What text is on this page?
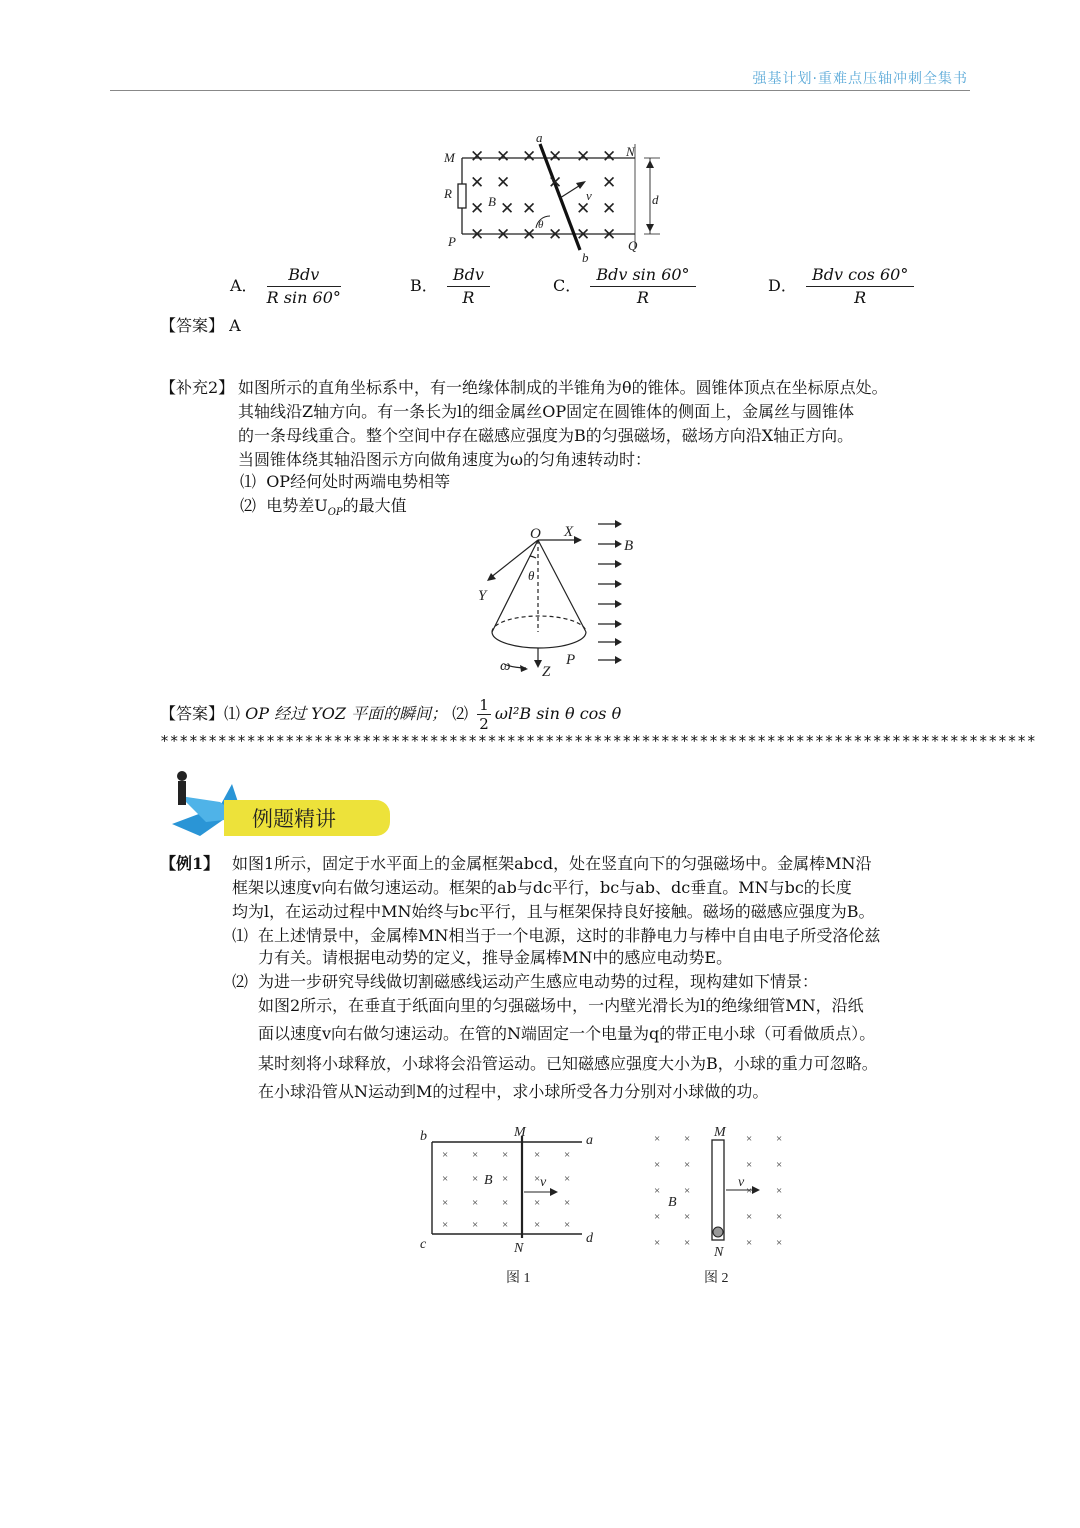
强基计划·重难点压轴冲刺全集书
✕ ✕ ✕ ✕ ✕ ✕
✕ ✕ ✕ ✕
✕ ✕ ✕ ✕ ✕
✕ ✕ ✕ ✕ ✕ ✕
a
M	N
R
B	v	d
P	Q
b
θ
A． $\frac{\text{Bdv}}{\text{R sin 60°}}$	B． $\frac{\text{Bdv}}{R}$	C． $\frac{\text{Bdv sin 60°}}{R}$	D． $\frac{\text{Bdv cos 60°}}{R}$
【答案】 A
【补充2】 如图所示的直角坐标系中，有一绝缘体制成的半锥角为θ的锥体。圆锥体顶点在坐标原点处。
其轴线沿Z轴方向。有一条长为l的细金属丝OP固定在圆锥体的侧面上，金属丝与圆锥体
的一条母线重合。整个空间中存在磁感应强度为B的匀强磁场，磁场方向沿X轴正方向。
当圆锥体绕其轴沿图示方向做角速度为ω的匀角速转动时：
⑴ OP经何处时两端电势相等
⑵ 电势差$U_{OP}$的最大值
O X
B
Y
θ
P
Z
ω
【答案】⑴ OP 经过 YOZ 平面的瞬间； ⑵ $\frac{1}{2} \omega l^2B$ sin θ cos θ
*******************************************************************************************
例题精讲
【例1】 如图1所示，固定于水平面上的金属框架abcd，处在竖直向下的匀强磁场中。金属棒MN沿
框架以速度v向右做匀速运动。框架的ab与dc平行，bc与ab、dc垂直。MN与bc的长度
均为l，在运动过程中MN始终与bc平行，且与框架保持良好接触。磁场的磁感应强度为B。
⑴ 在上述情景中，金属棒MN相当于一个电源，这时的非静电力与棒中自由电子所受洛伦兹
力有关。请根据电动势的定义，推导金属棒MN中的感应电动势E。
⑵ 为进一步研究导线做切割磁感线运动产生感应电动势的过程，现构建如下情景：
如图2所示，在垂直于纸面向里的匀强磁场中，一内壁光滑长为l的绝缘细管MN，沿纸
面以速度v向右做匀速运动。在管的N端固定一个电量为q的带正电小球（可看做质点）。
某时刻将小球释放，小球将会沿管运动。已知磁感应强度大小为B，小球的重力可忽略。
在小球沿管从N运动到M的过程中，求小球所受各力分别对小球做的功。
× × × × ×
× × × × ×
× × × × ×
× × × × ×
b	M
a
B	v
c	N
d
图 1
× ×	× ×
× ×	× ×
× ×	× ×
× ×	× ×
× ×	× ×
M
N
B
v
图 2
